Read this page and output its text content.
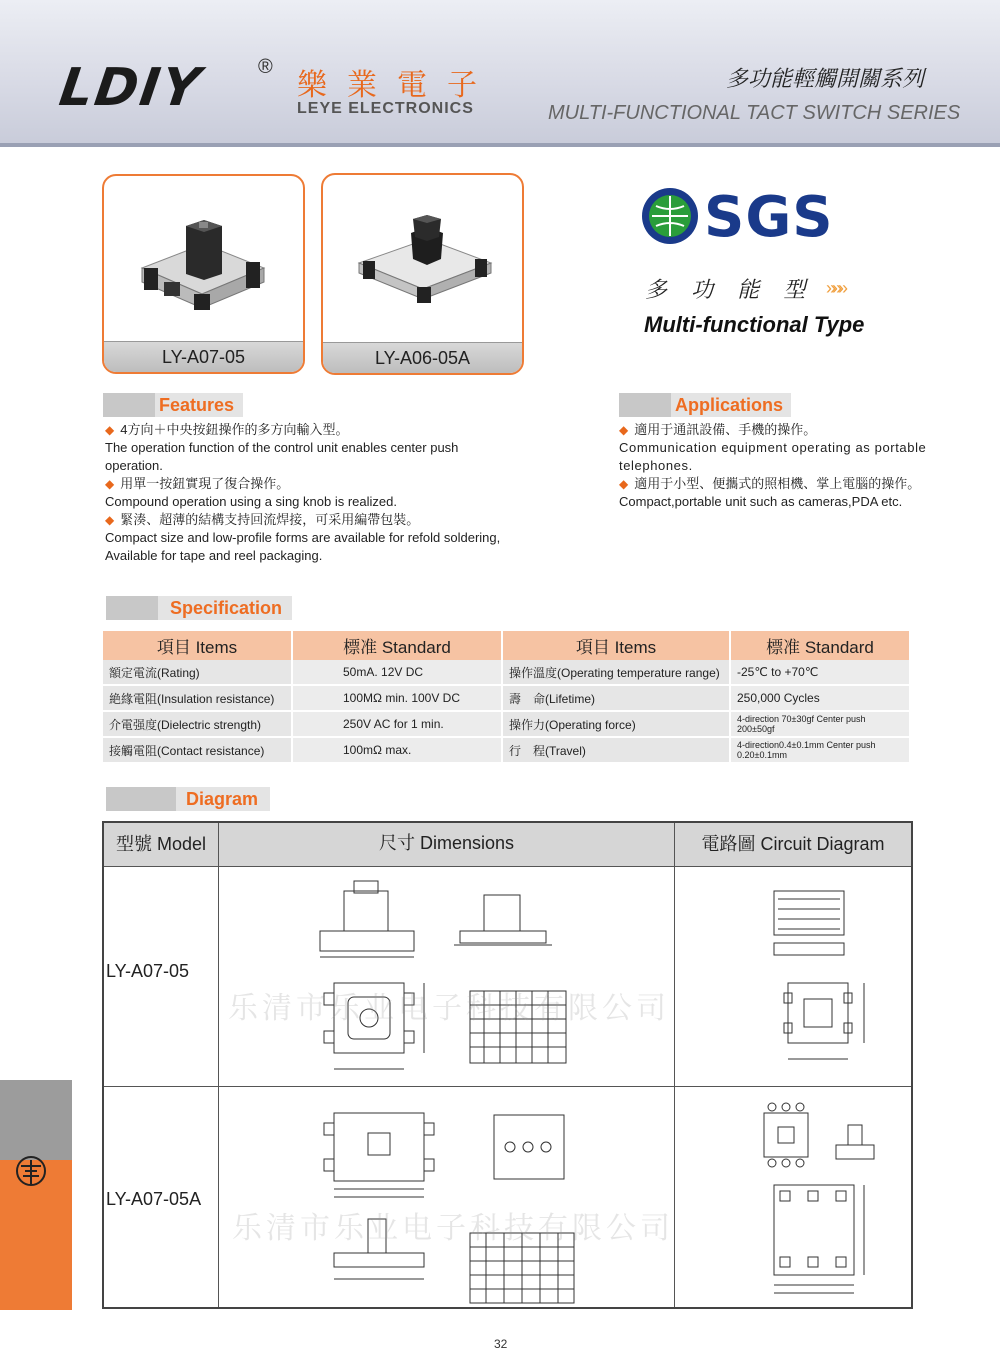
LDIY	®
樂業電子
LEYE ELECTRONICS
多功能輕觸開關系列
MULTI-FUNCTIONAL TACT SWITCH SERIES
LY-A07-05	LY-A06-05A
SGS
多 功 能 型 »»»
Multi-functional Type
Features
◆ 4方向＋中央按鈕操作的多方向輸入型。
The operation function of the control unit enables center push operation.
◆ 用單一按鈕實現了復合操作。
Compound operation using a sing knob is realized.
◆ 緊湊、超薄的結構支持回流焊接，可采用編帶包裝。
Compact size and low-profile forms are available for refold soldering, Available for tape and reel packaging.
Applications
◆ 適用于通訊設備、手機的操作。
Communication equipment operating as portable telephones.
◆ 適用于小型、便攜式的照相機、掌上電腦的操作。
Compact,portable unit such as cameras,PDA etc.
Specification
項目 Items	標准 Standard	項目 Items	標准 Standard
額定電流(Rating)	50mA. 12V DC	操作溫度(Operating temperature range)	-25℃ to +70℃
絶緣電阻(Insulation resistance)	100MΩ min. 100V DC	壽　命(Lifetime)	250,000 Cycles
介電强度(Dielectric strength)	250V AC for 1 min.	操作力(Operating force)	4-direction 70±30gf Center push 200±50gf
接觸電阻(Contact resistance)	100mΩ max.	行　程(Travel)	4-direction0.4±0.1mm Center push 0.20±0.1mm
Diagram
型號 Model	尺寸 Dimensions	電路圖 Circuit Diagram
LY-A07-05
LY-A07-05A
乐清市乐业电子科技有限公司
乐清市乐业电子科技有限公司
32
